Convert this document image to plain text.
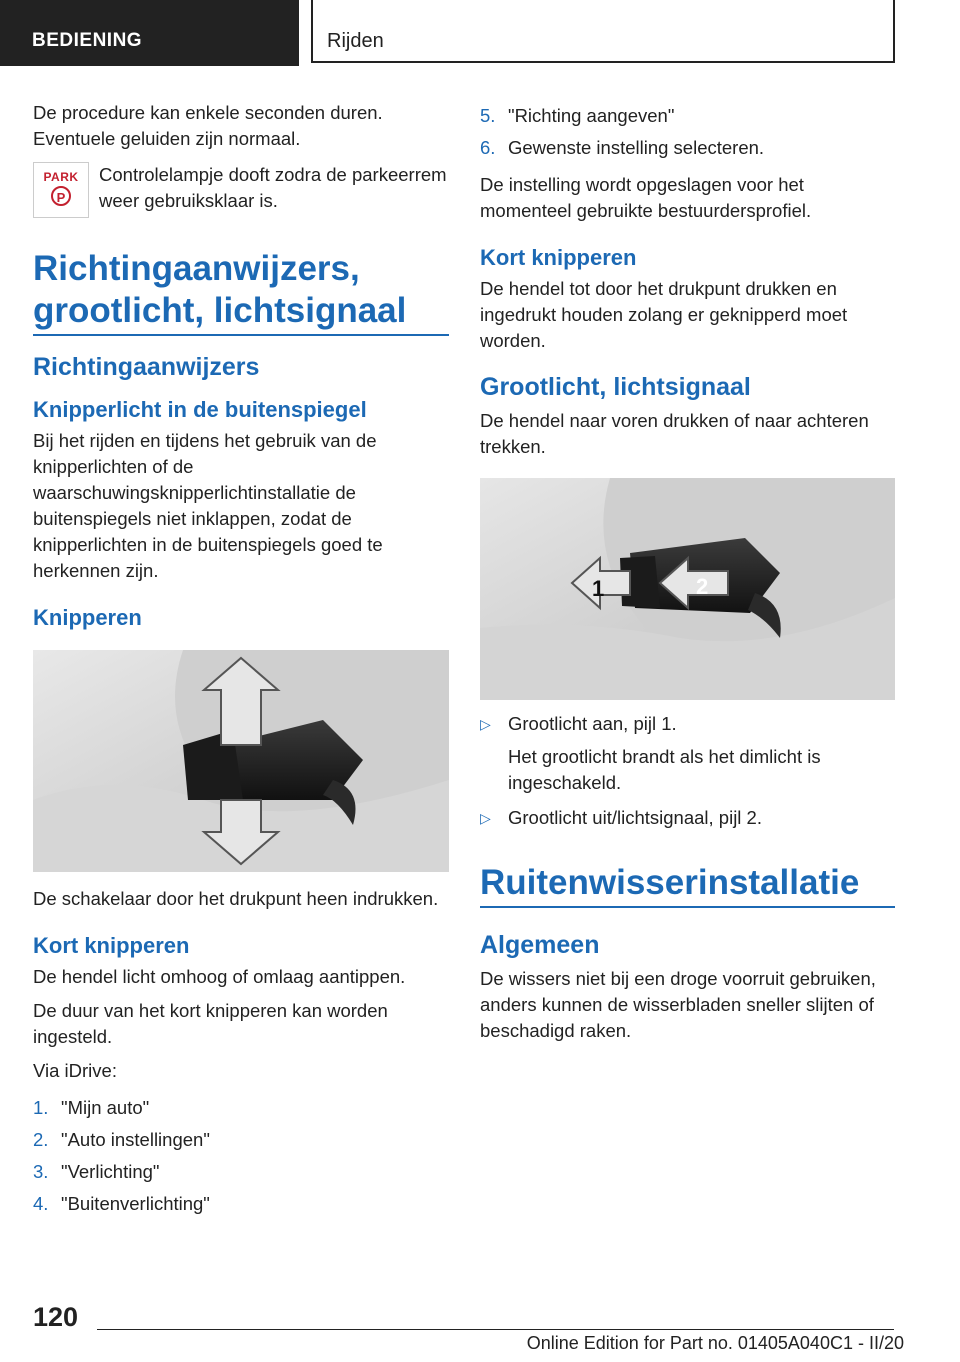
BEDIENING	Rijden

De procedure kan enkele seconden duren. Eventuele geluiden zijn normaal.

PARK
P

Controlelampje dooft zodra de parkeerrem weer gebruiksklaar is.

Richtingaanwijzers, grootlicht, lichtsignaal
Richtingaanwijzers
Knipperlicht in de buitenspiegel

Bij het rijden en tijdens het gebruik van de knipperlichten of de waarschuwingsknipperlichtinstallatie de buitenspiegels niet inklappen, zodat de knipperlichten in de buitenspiegels goed te herkennen zijn.

Knipperen

De schakelaar door het drukpunt heen indrukken.

Kort knipperen

De hendel licht omhoog of omlaag aantippen.

De duur van het kort knipperen kan worden ingesteld.

Via iDrive:

1. "Mijn auto"
2. "Auto instellingen"
3. "Verlichting"
4. "Buitenverlichting"
5. "Richting aangeven"
6. Gewenste instelling selecteren.

De instelling wordt opgeslagen voor het momenteel gebruikte bestuurdersprofiel.

Kort knipperen

De hendel tot door het drukpunt drukken en ingedrukt houden zolang er geknipperd moet worden.

Grootlicht, lichtsignaal

De hendel naar voren drukken of naar achteren trekken.

1	2
▷ Grootlicht aan, pijl 1.

Het grootlicht brandt als het dimlicht is ingeschakeld.

▷ Grootlicht uit/lichtsignaal, pijl 2.
Ruitenwisserinstallatie
Algemeen

De wissers niet bij een droge voorruit gebruiken, anders kunnen de wisserbladen sneller slijten of beschadigd raken.

120
Online Edition for Part no. 01405A040C1 - II/20
